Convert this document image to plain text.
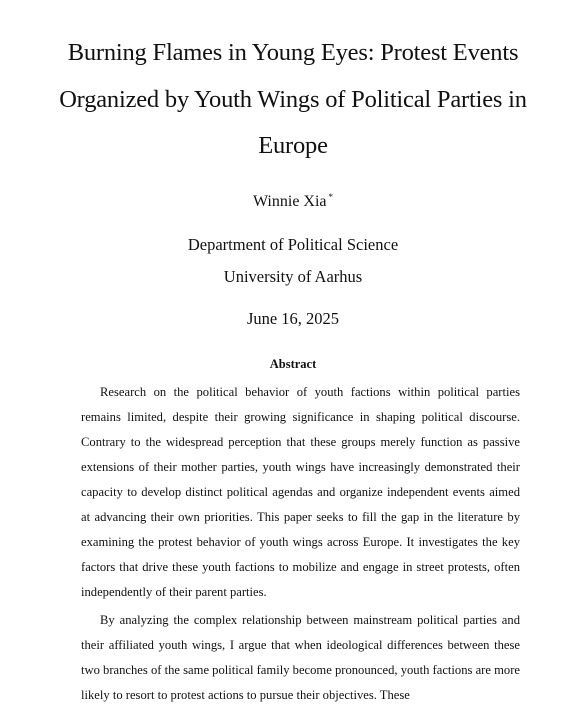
Burning Flames in Young Eyes: Protest Events Organized by Youth Wings of Political Parties in Europe
Winnie Xia *
Department of Political Science
University of Aarhus
June 16, 2025
Abstract

Research on the political behavior of youth factions within political parties remains limited, despite their growing significance in shaping political discourse. Contrary to the widespread perception that these groups merely function as passive extensions of their mother parties, youth wings have increasingly demonstrated their capacity to develop distinct political agendas and organize independent events aimed at advancing their own priorities. This paper seeks to fill the gap in the literature by examining the protest behavior of youth wings across Europe. It investigates the key factors that drive these youth factions to mobilize and engage in street protests, often independently of their parent parties.

By analyzing the complex relationship between mainstream political parties and their affiliated youth wings, I argue that when ideological differences between these two branches of the same political family become pronounced, youth factions are more likely to resort to protest actions to pursue their objectives. These
